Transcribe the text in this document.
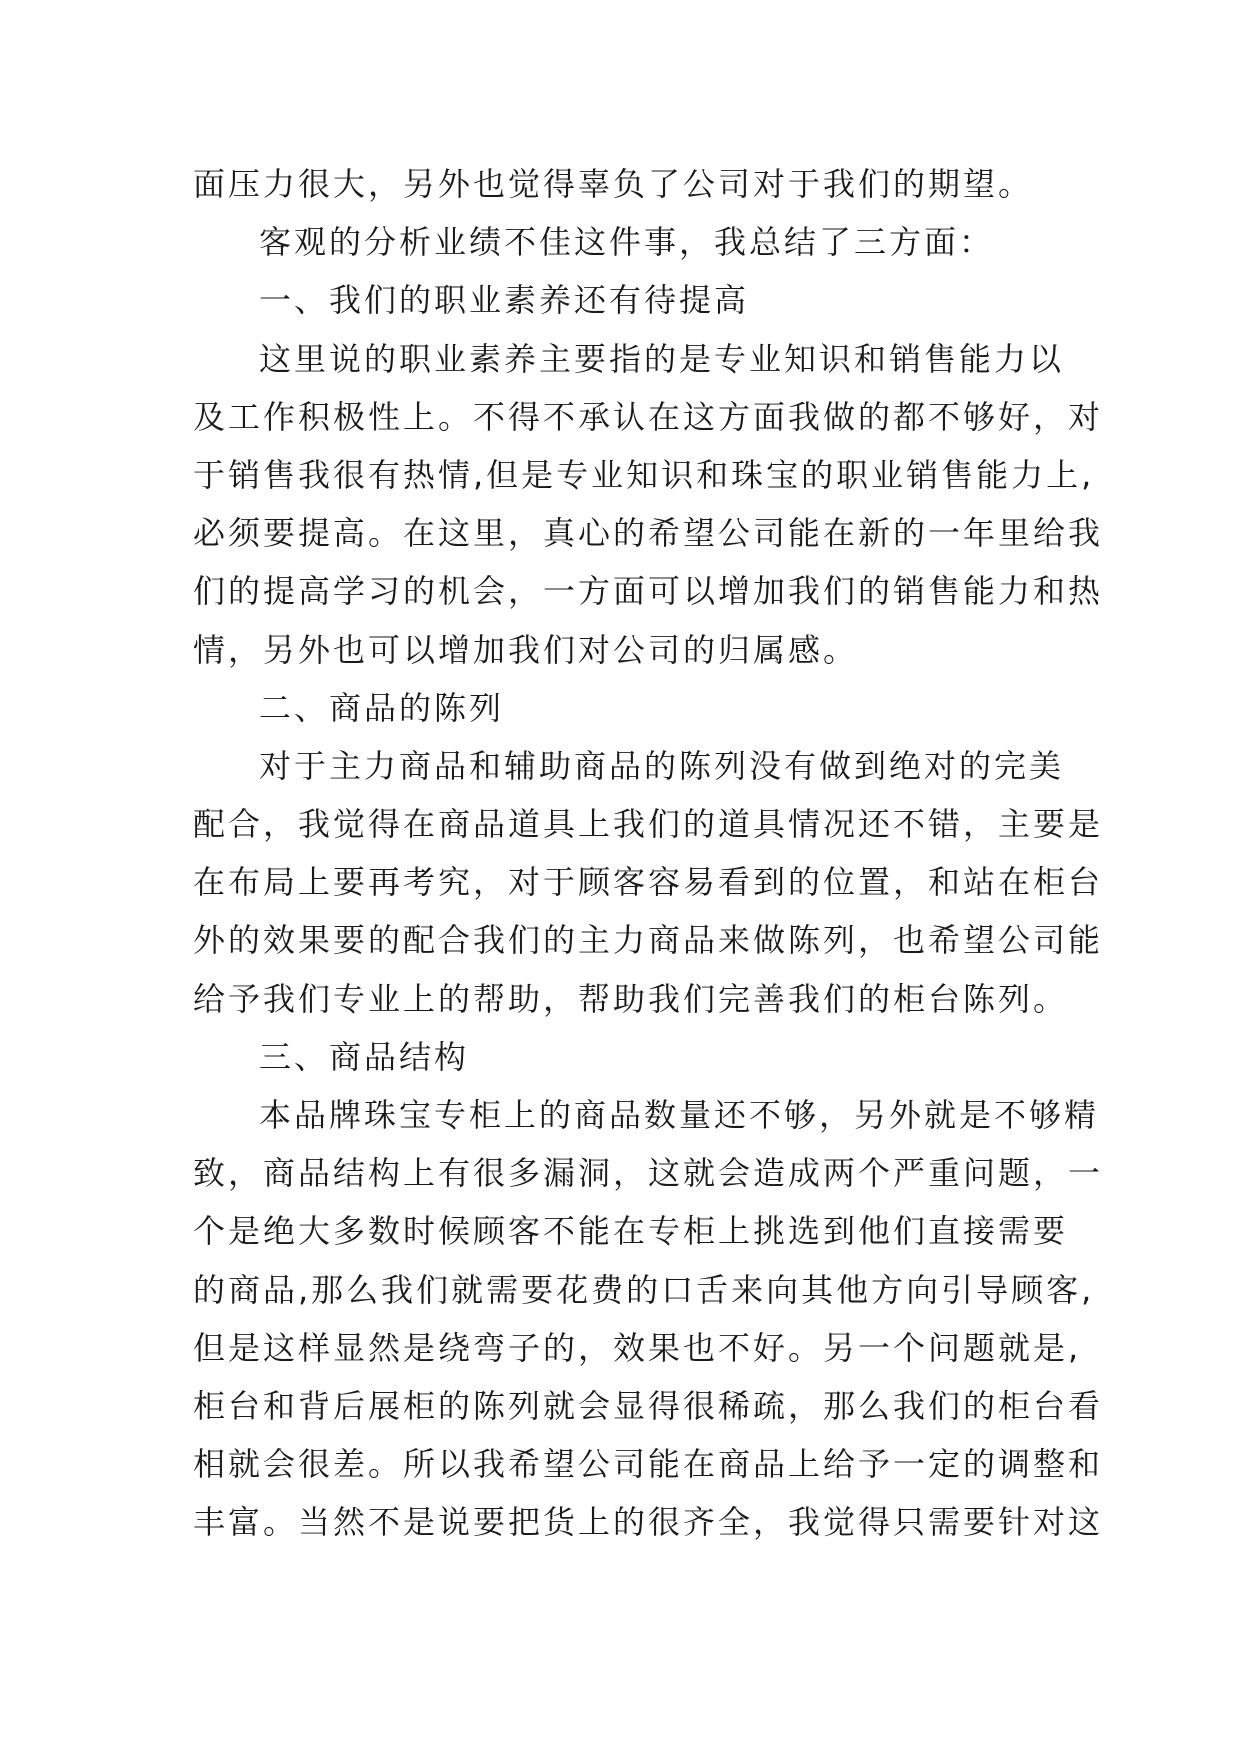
面压力很大，另外也觉得辜负了公司对于我们的期望。
客观的分析业绩不佳这件事，我总结了三方面：
一、我们的职业素养还有待提高
这里说的职业素养主要指的是专业知识和销售能力以
及工作积极性上。不得不承认在这方面我做的都不够好，对
于销售我很有热情,但是专业知识和珠宝的职业销售能力上,
必须要提高。在这里，真心的希望公司能在新的一年里给我
们的提高学习的机会，一方面可以增加我们的销售能力和热
情，另外也可以增加我们对公司的归属感。
二、商品的陈列
对于主力商品和辅助商品的陈列没有做到绝对的完美
配合，我觉得在商品道具上我们的道具情况还不错，主要是
在布局上要再考究，对于顾客容易看到的位置，和站在柜台
外的效果要的配合我们的主力商品来做陈列，也希望公司能
给予我们专业上的帮助，帮助我们完善我们的柜台陈列。
三、商品结构
本品牌珠宝专柜上的商品数量还不够，另外就是不够精
致，商品结构上有很多漏洞，这就会造成两个严重问题，一
个是绝大多数时候顾客不能在专柜上挑选到他们直接需要
的商品,那么我们就需要花费的口舌来向其他方向引导顾客,
但是这样显然是绕弯子的，效果也不好。另一个问题就是,
柜台和背后展柜的陈列就会显得很稀疏，那么我们的柜台看
相就会很差。所以我希望公司能在商品上给予一定的调整和
丰富。当然不是说要把货上的很齐全，我觉得只需要针对这
